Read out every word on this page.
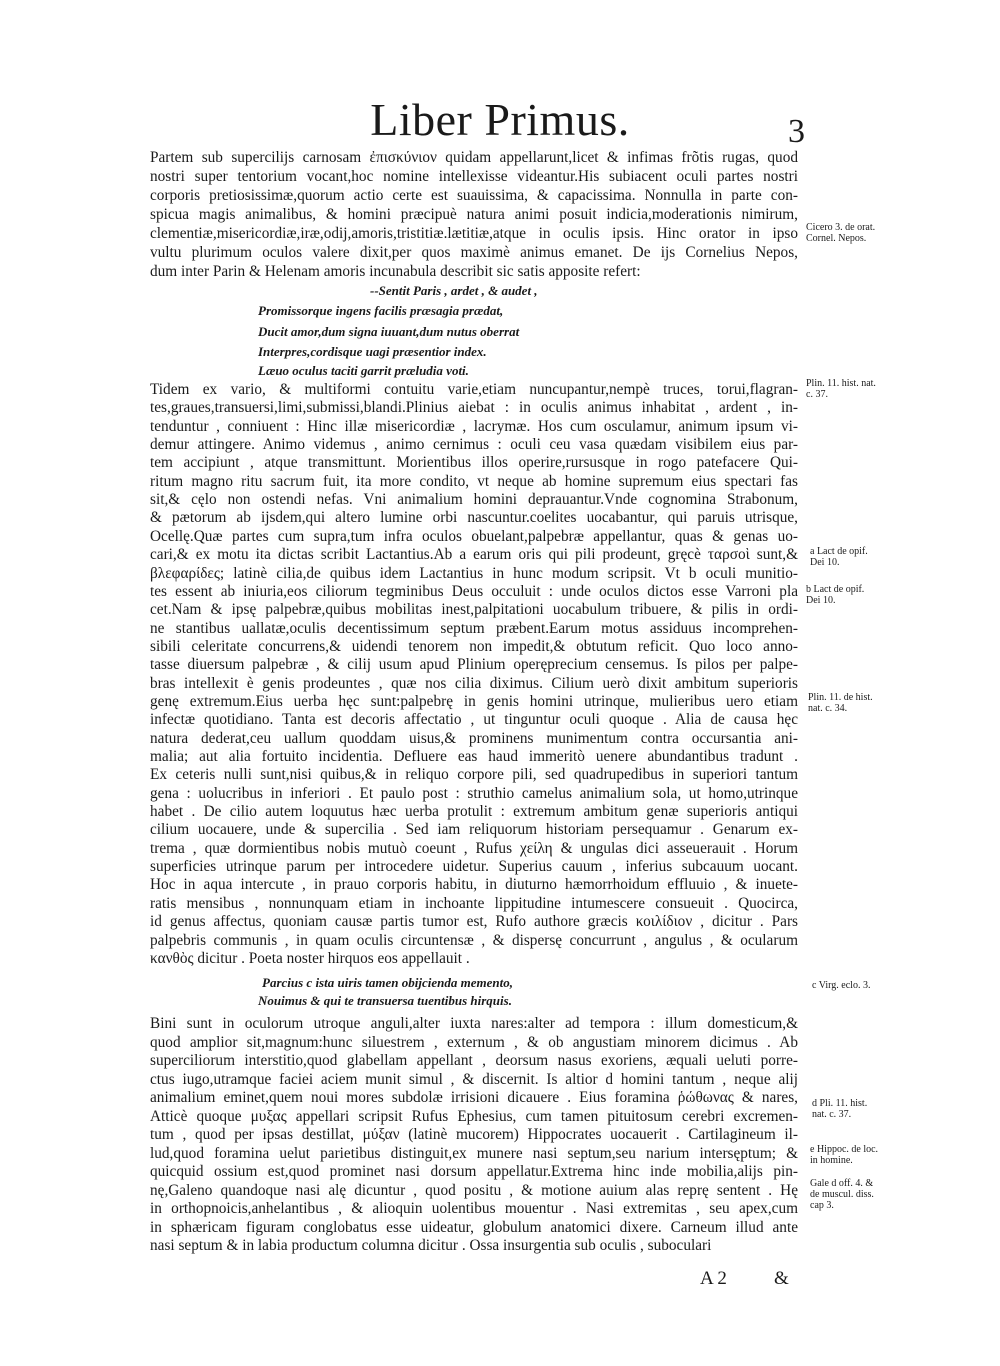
Liber Primus.	3
Partem sub supercilijs carnosam ἐπισκύνιον quidam appellarunt,licet & infimas frõtis rugas, quod
nostri super tentorium vocant,hoc nomine intellexisse videantur.His subiacent oculi partes nostri
corporis pretiosissimæ,quorum actio certe est suauissima, & capacissima. Nonnulla in parte con-
spicua magis animalibus, & homini præcipuè natura animi posuit indicia,moderationis nimirum,
clementiæ,misericordiæ,iræ,odij,amoris,tristitiæ.lætitiæ,atque in oculis ipsis. Hinc orator in ipso
vultu plurimum oculos valere dixit,per quos maximè animus emanet. De ijs Cornelius Nepos,
dum inter Parin & Helenam amoris incunabula describit sic satis apposite refert:
--Sentit Paris , ardet , & audet ,
Promissorque ingens facilis præsagia prædat,
Ducit amor,dum signa iuuant,dum nutus oberrat
Interpres,cordisque uagi præsentior index.
Læuo oculus taciti garrit præludia voti.
Tidem ex vario, & multiformi contuitu varie,etiam nuncupantur,nempè truces, torui,flagran-
tes,graues,transuersi,limi,submissi,blandi.Plinius aiebat : in oculis animus inhabitat , ardent , in-
tenduntur , conniuent : Hinc illæ misericordiæ , lacrymæ. Hos cum osculamur, animum ipsum vi-
demur attingere. Animo videmus , animo cernimus : oculi ceu vasa quædam visibilem eius par-
tem accipiunt , atque transmittunt. Morientibus illos operire,rursusque in rogo patefacere Qui-
ritum magno ritu sacrum fuit, ita more condito, vt neque ab homine supremum eius spectari fas
sit,& cęlo non ostendi nefas. Vni animalium homini deprauantur.Vnde cognomina Strabonum,
& pætorum ab ijsdem,qui altero lumine orbi nascuntur.coelites uocabantur, qui paruis utrisque,
Ocellę.Quæ partes cum supra,tum infra oculos obuelant,palpebræ appellantur, quas & genas uo-
cari,& ex motu ita dictas scribit Lactantius.Ab a earum oris qui pili prodeunt, gręcè ταρσοὶ sunt,&
βλεφαρίδες; latinè cilia,de quibus idem Lactantius in hunc modum scripsit. Vt b oculi munitio-
tes essent ab iniuria,eos ciliorum tegminibus Deus occuluit : unde oculos dictos esse Varroni pla
cet.Nam & ipsę palpebræ,quibus mobilitas inest,palpitationi uocabulum tribuere, & pilis in ordi-
ne stantibus uallatæ,oculis decentissimum septum præbent.Earum motus assiduus incomprehen-
sibili celeritate concurrens,& uidendi tenorem non impedit,& obtutum reficit. Quo loco anno-
tasse diuersum palpebræ , & cilij usum apud Plinium operęprecium censemus. Is pilos per palpe-
bras intellexit è genis prodeuntes , quæ nos cilia diximus. Cilium uerò dixit ambitum superioris
genę extremum.Eius uerba hęc sunt:palpebrę in genis homini utrinque, mulieribus uero etiam
infectæ quotidiano. Tanta est decoris affectatio , ut tinguntur oculi quoque . Alia de causa hęc
natura dederat,ceu uallum quoddam uisus,& prominens munimentum contra occursantia ani-
malia; aut alia fortuito incidentia. Defluere eas haud immeritò uenere abundantibus tradunt .
Ex ceteris nulli sunt,nisi quibus,& in reliquo corpore pili, sed quadrupedibus in superiori tantum
gena : uolucribus in inferiori . Et paulo post : struthio camelus animalium sola, ut homo,utrinque
habet . De cilio autem loquutus hæc uerba protulit : extremum ambitum genæ superioris antiqui
cilium uocauere, unde & supercilia . Sed iam reliquorum historiam persequamur . Genarum ex-
trema , quæ dormientibus nobis mutuò coeunt , Rufus χείλη & ungulas dici asseuerauit . Horum
superficies utrinque parum per introcedere uidetur. Superius cauum , inferius subcauum uocant.
Hoc in aqua intercute , in prauo corporis habitu, in diuturno hæmorrhoidum effluuio , & inuete-
ratis mensibus , nonnunquam etiam in inchoante lippitudine intumescere consueuit . Quocirca,
id genus affectus, quoniam causæ partis tumor est, Rufo authore græcis κοιλίδιον , dicitur . Pars
palpebris communis , in quam oculis circuntensæ , & dispersę concurrunt , angulus , & ocularum
κανθὸς dicitur . Poeta noster hirquos eos appellauit .
Parcius c ista uiris tamen obijcienda memento,
Nouimus & qui te transuersa tuentibus hirquis.
Bini sunt in oculorum utroque anguli,alter iuxta nares:alter ad tempora : illum domesticum,&
quod amplior sit,magnum:hunc siluestrem , externum , & ob angustiam minorem dicimus . Ab
superciliorum interstitio,quod glabellam appellant , deorsum nasus exoriens, æquali ueluti porre-
ctus iugo,utramque faciei aciem munit simul , & discernit. Is altior d homini tantum , neque alij
animalium eminet,quem noui mores subdolæ irrisioni dicauere . Eius foramina ῥώθωνας & nares,
Atticè quoque μυξας appellari scripsit Rufus Ephesius, cum tamen pituitosum cerebri excremen-
tum , quod per ipsas destillat, μύξαν (latinè mucorem) Hippocrates uocauerit . Cartilagineum il-
lud,quod foramina uelut parietibus distinguit,ex munere nasi septum,seu narium intersęptum; &
quicquid ossium est,quod prominet nasi dorsum appellatur.Extrema hinc inde mobilia,alijs pin-
nę,Galeno quandoque nasi alę dicuntur , quod positu , & motione auium alas reprę sentent . Hę
in orthopnoicis,anhelantibus , & alioquin uolentibus mouentur . Nasi extremitas , seu apex,cum
in sphæricam figuram conglobatus esse uideatur, globulum anatomici dixere. Carneum illud ante
nasi septum & in labia productum columna dicitur . Ossa insurgentia sub oculis , suboculari
Cicero 3. de orat. Cornel. Nepos.
Plin. 11. hist. nat. c. 37.
a Lact de opif. Dei 10.
b Lact de opif. Dei 10.
Plin. 11. de hist. nat. c. 34.
c Virg. eclo. 3.
d Pli. 11. hist. nat. c. 37.
e Hippoc. de loc. in homine.
Gale d off. 4. & de muscul. diss. cap 3.
A 2 &
